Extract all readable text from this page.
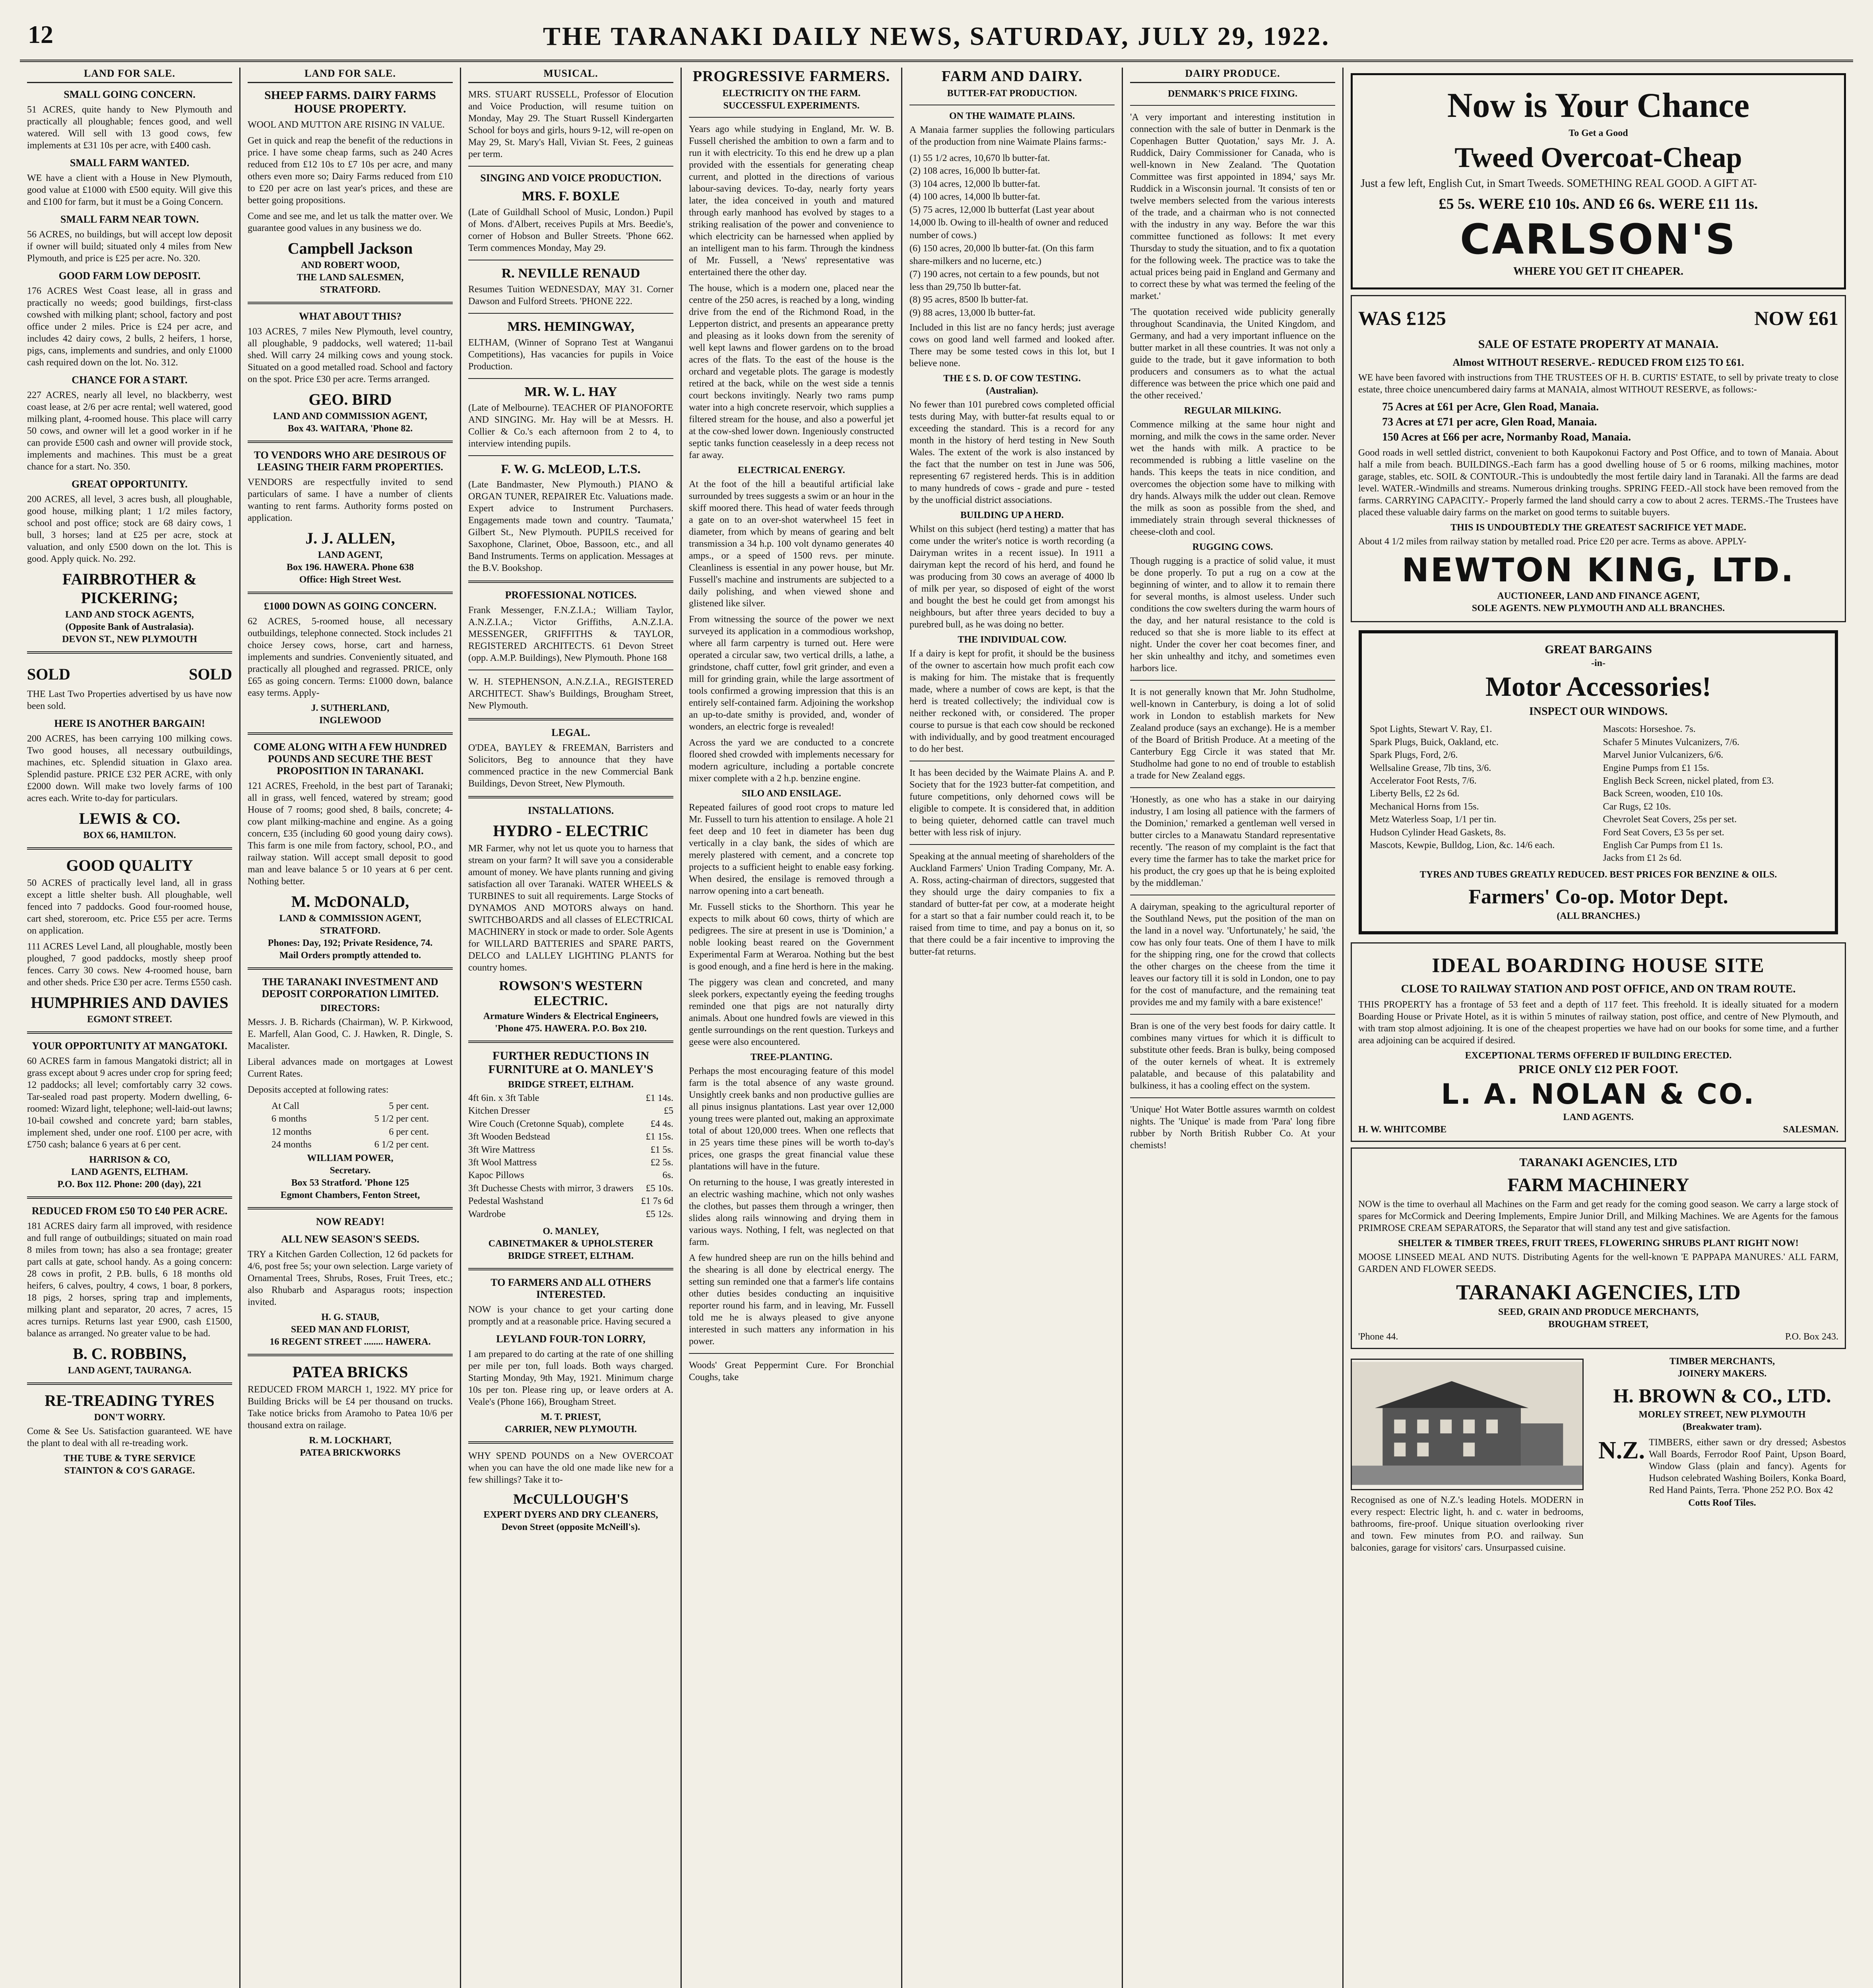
12	THE TARANAKI DAILY NEWS, SATURDAY, JULY 29, 1922.
LAND FOR SALE.
SMALL GOING CONCERN.

51 ACRES, quite handy to New Plymouth and practically all ploughable; fences good, and well watered. Will sell with 13 good cows, few implements at £31 10s per acre, with £400 cash.

SMALL FARM WANTED.

WE have a client with a House in New Plymouth, good value at £1000 with £500 equity. Will give this and £100 for farm, but it must be a Going Concern.

SMALL FARM NEAR TOWN.

56 ACRES, no buildings, but will accept low deposit if owner will build; situated only 4 miles from New Plymouth, and price is £25 per acre. No. 320.

GOOD FARM LOW DEPOSIT.

176 ACRES West Coast lease, all in grass and practically no weeds; good buildings, first-class cowshed with milking plant; school, factory and post office under 2 miles. Price is £24 per acre, and includes 42 dairy cows, 2 bulls, 2 heifers, 1 horse, pigs, cans, implements and sundries, and only £1000 cash required down on the lot. No. 312.

CHANCE FOR A START.

227 ACRES, nearly all level, no blackberry, west coast lease, at 2/6 per acre rental; well watered, good milking plant, 4-roomed house. This place will carry 50 cows, and owner will let a good worker in if he can provide £500 cash and owner will provide stock, implements and machines. This must be a great chance for a start. No. 350.

GREAT OPPORTUNITY.

200 ACRES, all level, 3 acres bush, all ploughable, good house, milking plant; 1 1/2 miles factory, school and post office; stock are 68 dairy cows, 1 bull, 3 horses; land at £25 per acre, stock at valuation, and only £500 down on the lot. This is good. Apply quick. No. 292.

FAIRBROTHER & PICKERING;
LAND AND STOCK AGENTS,
(Opposite Bank of Australasia).
DEVON ST., NEW PLYMOUTH
SOLD	SOLD

THE Last Two Properties advertised by us have now been sold.

HERE IS ANOTHER BARGAIN!

200 ACRES, has been carrying 100 milking cows. Two good houses, all necessary outbuildings, machines, etc. Splendid situation in Glaxo area. Splendid pasture. PRICE £32 PER ACRE, with only £2000 down. Will make two lovely farms of 100 acres each. Write to-day for particulars.

LEWIS & CO.
BOX 66, HAMILTON.
GOOD QUALITY

50 ACRES of practically level land, all in grass except a little shelter bush. All ploughable, well fenced into 7 paddocks. Good four-roomed house, cart shed, storeroom, etc. Price £55 per acre. Terms on application.

111 ACRES Level Land, all ploughable, mostly been ploughed, 7 good paddocks, mostly sheep proof fences. Carry 30 cows. New 4-roomed house, barn and other sheds. Price £30 per acre. Terms £550 cash.

HUMPHRIES AND DAVIES
EGMONT STREET.
YOUR OPPORTUNITY AT MANGATOKI.

60 ACRES farm in famous Mangatoki district; all in grass except about 9 acres under crop for spring feed; 12 paddocks; all level; comfortably carry 32 cows. Tar-sealed road past property. Modern dwelling, 6-roomed: Wizard light, telephone; well-laid-out lawns; 10-bail cowshed and concrete yard; barn stables, implement shed, under one roof. £100 per acre, with £750 cash; balance 6 years at 6 per cent.

HARRISON & CO,
LAND AGENTS, ELTHAM.
P.O. Box 112. Phone: 200 (day), 221
REDUCED FROM £50 TO £40 PER ACRE.

181 ACRES dairy farm all improved, with residence and full range of outbuildings; situated on main road 8 miles from town; has also a sea frontage; greater part calls at gate, school handy. As a going concern: 28 cows in profit, 2 P.B. bulls, 6 18 months old heifers, 6 calves, poultry, 4 cows, 1 boar, 8 porkers, 18 pigs, 2 horses, spring trap and implements, milking plant and separator, 20 acres, 7 acres, 15 acres turnips. Returns last year £900, cash £1500, balance as arranged. No greater value to be had.

B. C. ROBBINS,
LAND AGENT, TAURANGA.
RE-TREADING TYRES
DON'T WORRY.

Come & See Us. Satisfaction guaranteed. WE have the plant to deal with all re-treading work.

THE TUBE & TYRE SERVICE
STAINTON & CO'S GARAGE.
LAND FOR SALE.
SHEEP FARMS. DAIRY FARMS HOUSE PROPERTY.

WOOL AND MUTTON ARE RISING IN VALUE.

Get in quick and reap the benefit of the reductions in price. I have some cheap farms, such as 240 Acres reduced from £12 10s to £7 10s per acre, and many others even more so; Dairy Farms reduced from £10 to £20 per acre on last year's prices, and these are better going propositions.

Come and see me, and let us talk the matter over. We guarantee good values in any business we do.

Campbell Jackson
AND ROBERT WOOD,
THE LAND SALESMEN,
STRATFORD.
WHAT ABOUT THIS?

103 ACRES, 7 miles New Plymouth, level country, all ploughable, 9 paddocks, well watered; 11-bail shed. Will carry 24 milking cows and young stock. Situated on a good metalled road. School and factory on the spot. Price £30 per acre. Terms arranged.

GEO. BIRD
LAND AND COMMISSION AGENT,
Box 43. WAITARA, 'Phone 82.
TO VENDORS WHO ARE DESIROUS OF LEASING THEIR FARM PROPERTIES.

VENDORS are respectfully invited to send particulars of same. I have a number of clients wanting to rent farms. Authority forms posted on application.

J. J. ALLEN,
LAND AGENT,
Box 196. HAWERA. Phone 638
Office: High Street West.
£1000 DOWN AS GOING CONCERN.

62 ACRES, 5-roomed house, all necessary outbuildings, telephone connected. Stock includes 21 choice Jersey cows, horse, cart and harness, implements and sundries. Conveniently situated, and practically all ploughed and regrassed. PRICE, only £65 as going concern. Terms: £1000 down, balance easy terms. Apply-

J. SUTHERLAND,
INGLEWOOD
COME ALONG WITH A FEW HUNDRED POUNDS AND SECURE THE BEST PROPOSITION IN TARANAKI.

121 ACRES, Freehold, in the best part of Taranaki; all in grass, well fenced, watered by stream; good House of 7 rooms; good shed, 8 bails, concrete; 4-cow plant milking-machine and engine. As a going concern, £35 (including 60 good young dairy cows). This farm is one mile from factory, school, P.O., and railway station. Will accept small deposit to good man and leave balance 5 or 10 years at 6 per cent. Nothing better.

M. McDONALD,
LAND & COMMISSION AGENT,
STRATFORD.
Phones: Day, 192; Private Residence, 74.
Mail Orders promptly attended to.
THE TARANAKI INVESTMENT AND DEPOSIT CORPORATION LIMITED.
DIRECTORS:

Messrs. J. B. Richards (Chairman), W. P. Kirkwood, E. Marfell, Alan Good, C. J. Hawken, R. Dingle, S. Macalister.

Liberal advances made on mortgages at Lowest Current Rates.

Deposits accepted at following rates:

At Call	5 per cent.
6 months	5 1/2 per cent.
12 months	6 per cent.
24 months	6 1/2 per cent.
WILLIAM POWER,
Secretary.
Box 53 Stratford. 'Phone 125
Egmont Chambers, Fenton Street,
NOW READY!
ALL NEW SEASON'S SEEDS.

TRY a Kitchen Garden Collection, 12 6d packets for 4/6, post free 5s; your own selection. Large variety of Ornamental Trees, Shrubs, Roses, Fruit Trees, etc.; also Rhubarb and Asparagus roots; inspection invited.

H. G. STAUB,
SEED MAN AND FLORIST,
16 REGENT STREET ........ HAWERA.
PATEA BRICKS

REDUCED FROM MARCH 1, 1922. MY price for Building Bricks will be £4 per thousand on trucks. Take notice bricks from Aramoho to Patea 10/6 per thousand extra on railage.

R. M. LOCKHART,
PATEA BRICKWORKS
MUSICAL.

MRS. STUART RUSSELL, Professor of Elocution and Voice Production, will resume tuition on Monday, May 29. The Stuart Russell Kindergarten School for boys and girls, hours 9-12, will re-open on May 29, St. Mary's Hall, Vivian St. Fees, 2 guineas per term.

SINGING AND VOICE PRODUCTION.
MRS. F. BOXLE

(Late of Guildhall School of Music, London.) Pupil of Mons. d'Albert, receives Pupils at Mrs. Beedie's, corner of Hobson and Buller Streets. 'Phone 662. Term commences Monday, May 29.

R. NEVILLE RENAUD

Resumes Tuition WEDNESDAY, MAY 31. Corner Dawson and Fulford Streets. 'PHONE 222.

MRS. HEMINGWAY,

ELTHAM, (Winner of Soprano Test at Wanganui Competitions), Has vacancies for pupils in Voice Production.

MR. W. L. HAY

(Late of Melbourne). TEACHER OF PIANOFORTE AND SINGING. Mr. Hay will be at Messrs. H. Collier & Co.'s each afternoon from 2 to 4, to interview intending pupils.

F. W. G. McLEOD, L.T.S.

(Late Bandmaster, New Plymouth.) PIANO & ORGAN TUNER, REPAIRER Etc. Valuations made. Expert advice to Instrument Purchasers. Engagements made town and country. 'Taumata,' Gilbert St., New Plymouth. PUPILS received for Saxophone, Clarinet, Oboe, Bassoon, etc., and all Band Instruments. Terms on application. Messages at the B.V. Bookshop.

PROFESSIONAL NOTICES.

Frank Messenger, F.N.Z.I.A.; William Taylor, A.N.Z.I.A.; Victor Griffiths, A.N.Z.I.A. MESSENGER, GRIFFITHS & TAYLOR, REGISTERED ARCHITECTS. 61 Devon Street (opp. A.M.P. Buildings), New Plymouth. Phone 168

W. H. STEPHENSON, A.N.Z.I.A., REGISTERED ARCHITECT. Shaw's Buildings, Brougham Street, New Plymouth.

LEGAL.

O'DEA, BAYLEY & FREEMAN, Barristers and Solicitors, Beg to announce that they have commenced practice in the new Commercial Bank Buildings, Devon Street, New Plymouth.

INSTALLATIONS.
HYDRO - ELECTRIC

MR Farmer, why not let us quote you to harness that stream on your farm? It will save you a considerable amount of money. We have plants running and giving satisfaction all over Taranaki. WATER WHEELS & TURBINES to suit all requirements. Large Stocks of DYNAMOS AND MOTORS always on hand. SWITCHBOARDS and all classes of ELECTRICAL MACHINERY in stock or made to order. Sole Agents for WILLARD BATTERIES and SPARE PARTS, DELCO and LALLEY LIGHTING PLANTS for country homes.

ROWSON'S WESTERN ELECTRIC.
Armature Winders & Electrical Engineers,
'Phone 475. HAWERA. P.O. Box 210.
FURTHER REDUCTIONS IN FURNITURE at O. MANLEY'S
BRIDGE STREET, ELTHAM.
4ft 6in. x 3ft Table	£1 14s.
Kitchen Dresser	£5
Wire Couch (Cretonne Squab), complete	£4 4s.
3ft Wooden Bedstead	£1 15s.
3ft Wire Mattress	£1 5s.
3ft Wool Mattress	£2 5s.
Kapoc Pillows	6s.
3ft Duchesse Chests with mirror, 3 drawers £5 10s.
Pedestal Washstand	£1 7s 6d
Wardrobe	£5 12s.
O. MANLEY,
CABINETMAKER & UPHOLSTERER
BRIDGE STREET, ELTHAM.
TO FARMERS AND ALL OTHERS INTERESTED.

NOW is your chance to get your carting done promptly and at a reasonable price. Having secured a

LEYLAND FOUR-TON LORRY,

I am prepared to do carting at the rate of one shilling per mile per ton, full loads. Both ways charged. Starting Monday, 9th May, 1921. Minimum charge 10s per ton. Please ring up, or leave orders at A. Veale's (Phone 166), Brougham Street.

M. T. PRIEST,
CARRIER, NEW PLYMOUTH.

WHY SPEND POUNDS on a New OVERCOAT when you can have the old one made like new for a few shillings? Take it to-

McCULLOUGH'S
EXPERT DYERS AND DRY CLEANERS,
Devon Street (opposite McNeill's).
PROGRESSIVE FARMERS.
ELECTRICITY ON THE FARM.
SUCCESSFUL EXPERIMENTS.

Years ago while studying in England, Mr. W. B. Fussell cherished the ambition to own a farm and to run it with electricity. To this end he drew up a plan provided with the essentials for generating cheap current, and plotted in the directions of various labour-saving devices. To-day, nearly forty years later, the idea conceived in youth and matured through early manhood has evolved by stages to a striking realisation of the power and convenience to which electricity can be harnessed when applied by an intelligent man to his farm. Through the kindness of Mr. Fussell, a 'News' representative was entertained there the other day.

The house, which is a modern one, placed near the centre of the 250 acres, is reached by a long, winding drive from the end of the Richmond Road, in the Lepperton district, and presents an appearance pretty and pleasing as it looks down from the serenity of well kept lawns and flower gardens on to the broad acres of the flats. To the east of the house is the orchard and vegetable plots. The garage is modestly retired at the back, while on the west side a tennis court beckons invitingly. Nearly two rams pump water into a high concrete reservoir, which supplies a filtered stream for the house, and also a powerful jet at the cow-shed lower down. Ingeniously constructed septic tanks function ceaselessly in a deep recess not far away.

ELECTRICAL ENERGY.

At the foot of the hill a beautiful artificial lake surrounded by trees suggests a swim or an hour in the skiff moored there. This head of water feeds through a gate on to an over-shot waterwheel 15 feet in diameter, from which by means of gearing and belt transmission a 34 h.p. 100 volt dynamo generates 40 amps., or a speed of 1500 revs. per minute. Cleanliness is essential in any power house, but Mr. Fussell's machine and instruments are subjected to a daily polishing, and when viewed shone and glistened like silver.

From witnessing the source of the power we next surveyed its application in a commodious workshop, where all farm carpentry is turned out. Here were operated a circular saw, two vertical drills, a lathe, a grindstone, chaff cutter, fowl grit grinder, and even a mill for grinding grain, while the large assortment of tools confirmed a growing impression that this is an entirely self-contained farm. Adjoining the workshop an up-to-date smithy is provided, and, wonder of wonders, an electric forge is revealed!

Across the yard we are conducted to a concrete floored shed crowded with implements necessary for modern agriculture, including a portable concrete mixer complete with a 2 h.p. benzine engine.

SILO AND ENSILAGE.

Repeated failures of good root crops to mature led Mr. Fussell to turn his attention to ensilage. A hole 21 feet deep and 10 feet in diameter has been dug vertically in a clay bank, the sides of which are merely plastered with cement, and a concrete top projects to a sufficient height to enable easy forking. When desired, the ensilage is removed through a narrow opening into a cart beneath.

Mr. Fussell sticks to the Shorthorn. This year he expects to milk about 60 cows, thirty of which are pedigrees. The sire at present in use is 'Dominion,' a noble looking beast reared on the Government Experimental Farm at Weraroa. Nothing but the best is good enough, and a fine herd is here in the making.

The piggery was clean and concreted, and many sleek porkers, expectantly eyeing the feeding troughs reminded one that pigs are not naturally dirty animals. About one hundred fowls are viewed in this gentle surroundings on the rent question. Turkeys and geese were also encountered.

TREE-PLANTING.

Perhaps the most encouraging feature of this model farm is the total absence of any waste ground. Unsightly creek banks and non productive gullies are all pinus insignus plantations. Last year over 12,000 young trees were planted out, making an approximate total of about 120,000 trees. When one reflects that in 25 years time these pines will be worth to-day's prices, one grasps the great financial value these plantations will have in the future.

On returning to the house, I was greatly interested in an electric washing machine, which not only washes the clothes, but passes them through a wringer, then slides along rails winnowing and drying them in various ways. Nothing, I felt, was neglected on that farm.

A few hundred sheep are run on the hills behind and the shearing is all done by electrical energy. The setting sun reminded one that a farmer's life contains other duties besides conducting an inquisitive reporter round his farm, and in leaving, Mr. Fussell told me he is always pleased to give anyone interested in such matters any information in his power.

Woods' Great Peppermint Cure. For Bronchial Coughs, take

FARM AND DAIRY.
BUTTER-FAT PRODUCTION.
ON THE WAIMATE PLAINS.

A Manaia farmer supplies the following particulars of the production from nine Waimate Plains farms:-

(1) 55 1/2 acres, 10,670 lb butter-fat.
(2) 108 acres, 16,000 lb butter-fat.
(3) 104 acres, 12,000 lb butter-fat.
(4) 100 acres, 14,000 lb butter-fat.
(5) 75 acres, 12,000 lb butterfat (Last year about 14,000 lb. Owing to ill-health of owner and reduced number of cows.)
(6) 150 acres, 20,000 lb butter-fat. (On this farm share-milkers and no lucerne, etc.)
(7) 190 acres, not certain to a few pounds, but not less than 29,750 lb butter-fat.
(8) 95 acres, 8500 lb butter-fat.
(9) 88 acres, 13,000 lb butter-fat.

Included in this list are no fancy herds; just average cows on good land well farmed and looked after. There may be some tested cows in this lot, but I believe none.

THE £ S. D. OF COW TESTING.
(Australian).

No fewer than 101 purebred cows completed official tests during May, with butter-fat results equal to or exceeding the standard. This is a record for any month in the history of herd testing in New South Wales. The extent of the work is also instanced by the fact that the number on test in June was 506, representing 67 registered herds. This is in addition to many hundreds of cows - grade and pure - tested by the unofficial district associations.

BUILDING UP A HERD.

Whilst on this subject (herd testing) a matter that has come under the writer's notice is worth recording (a Dairyman writes in a recent issue). In 1911 a dairyman kept the record of his herd, and found he was producing from 30 cows an average of 4000 lb of milk per year, so disposed of eight of the worst and bought the best he could get from amongst his neighbours, but after three years decided to buy a purebred bull, as he was doing no better.

THE INDIVIDUAL COW.

If a dairy is kept for profit, it should be the business of the owner to ascertain how much profit each cow is making for him. The mistake that is frequently made, where a number of cows are kept, is that the herd is treated collectively; the individual cow is neither reckoned with, or considered. The proper course to pursue is that each cow should be reckoned with individually, and by good treatment encouraged to do her best.

It has been decided by the Waimate Plains A. and P. Society that for the 1923 butter-fat competition, and future competitions, only dehorned cows will be eligible to compete. It is considered that, in addition to being quieter, dehorned cattle can travel much better with less risk of injury.

Speaking at the annual meeting of shareholders of the Auckland Farmers' Union Trading Company, Mr. A. A. Ross, acting-chairman of directors, suggested that they should urge the dairy companies to fix a standard of butter-fat per cow, at a moderate height for a start so that a fair number could reach it, to be raised from time to time, and pay a bonus on it, so that there could be a fair incentive to improving the butter-fat returns.

DAIRY PRODUCE.
DENMARK'S PRICE FIXING.

'A very important and interesting institution in connection with the sale of butter in Denmark is the Copenhagen Butter Quotation,' says Mr. J. A. Ruddick, Dairy Commissioner for Canada, who is well-known in New Zealand. 'The Quotation Committee was first appointed in 1894,' says Mr. Ruddick in a Wisconsin journal. 'It consists of ten or twelve members selected from the various interests of the trade, and a chairman who is not connected with the industry in any way. Before the war this committee functioned as follows: It met every Thursday to study the situation, and to fix a quotation for the following week. The practice was to take the actual prices being paid in England and Germany and to correct these by what was termed the feeling of the market.'

'The quotation received wide publicity generally throughout Scandinavia, the United Kingdom, and Germany, and had a very important influence on the butter market in all these countries. It was not only a guide to the trade, but it gave information to both producers and consumers as to what the actual difference was between the price which one paid and the other received.'

REGULAR MILKING.

Commence milking at the same hour night and morning, and milk the cows in the same order. Never wet the hands with milk. A practice to be recommended is rubbing a little vaseline on the hands. This keeps the teats in nice condition, and overcomes the objection some have to milking with dry hands. Always milk the udder out clean. Remove the milk as soon as possible from the shed, and immediately strain through several thicknesses of cheese-cloth and cool.

RUGGING COWS.

Though rugging is a practice of solid value, it must be done properly. To put a rug on a cow at the beginning of winter, and to allow it to remain there for several months, is almost useless. Under such conditions the cow swelters during the warm hours of the day, and her natural resistance to the cold is reduced so that she is more liable to its effect at night. Under the cover her coat becomes finer, and her skin unhealthy and itchy, and sometimes even harbors lice.

It is not generally known that Mr. John Studholme, well-known in Canterbury, is doing a lot of solid work in London to establish markets for New Zealand produce (says an exchange). He is a member of the Board of British Produce. At a meeting of the Canterbury Egg Circle it was stated that Mr. Studholme had gone to no end of trouble to establish a trade for New Zealand eggs.

'Honestly, as one who has a stake in our dairying industry, I am losing all patience with the farmers of the Dominion,' remarked a gentleman well versed in butter circles to a Manawatu Standard representative recently. 'The reason of my complaint is the fact that every time the farmer has to take the market price for his product, the cry goes up that he is being exploited by the middleman.'

A dairyman, speaking to the agricultural reporter of the Southland News, put the position of the man on the land in a novel way. 'Unfortunately,' he said, 'the cow has only four teats. One of them I have to milk for the shipping ring, one for the crowd that collects the other charges on the cheese from the time it leaves our factory till it is sold in London, one to pay for the cost of manufacture, and the remaining teat provides me and my family with a bare existence!'

Bran is one of the very best foods for dairy cattle. It combines many virtues for which it is difficult to substitute other feeds. Bran is bulky, being composed of the outer kernels of wheat. It is extremely palatable, and because of this palatability and bulkiness, it has a cooling effect on the system.

'Unique' Hot Water Bottle assures warmth on coldest nights. The 'Unique' is made from 'Para' long fibre rubber by North British Rubber Co. At your chemists!

Now is Your Chance
To Get a Good
Tweed Overcoat-Cheap

Just a few left, English Cut, in Smart Tweeds. SOMETHING REAL GOOD. A GIFT AT-

£5 5s. WERE £10 10s. AND £6 6s. WERE £11 11s.
CARLSON'S
WHERE YOU GET IT CHEAPER.
WAS £125	NOW £61
SALE OF ESTATE PROPERTY AT MANAIA.
Almost WITHOUT RESERVE.- REDUCED FROM £125 TO £61.

WE have been favored with instructions from THE TRUSTEES OF H. B. CURTIS' ESTATE, to sell by private treaty to close estate, three choice unencumbered dairy farms at MANAIA, almost WITHOUT RESERVE, as follows:-

75 Acres at £61 per Acre, Glen Road, Manaia.
73 Acres at £71 per acre, Glen Road, Manaia.
150 Acres at £66 per acre, Normanby Road, Manaia.

Good roads in well settled district, convenient to both Kaupokonui Factory and Post Office, and to town of Manaia. About half a mile from beach. BUILDINGS.-Each farm has a good dwelling house of 5 or 6 rooms, milking machines, motor garage, stables, etc. SOIL & CONTOUR.-This is undoubtedly the most fertile dairy land in Taranaki. All the farms are dead level. WATER.-Windmills and streams. Numerous drinking troughs. SPRING FEED.-All stock have been removed from the farms. CARRYING CAPACITY.- Properly farmed the land should carry a cow to about 2 acres. TERMS.-The Trustees have placed these valuable dairy farms on the market on good terms to suitable buyers.

THIS IS UNDOUBTEDLY THE GREATEST SACRIFICE YET MADE.

About 4 1/2 miles from railway station by metalled road. Price £20 per acre. Terms as above. APPLY-

NEWTON KING, LTD.
AUCTIONEER, LAND AND FINANCE AGENT,
SOLE AGENTS. NEW PLYMOUTH AND ALL BRANCHES.
GREAT BARGAINS
-in-
Motor Accessories!
INSPECT OUR WINDOWS.
Spot Lights, Stewart V. Ray, £1.
Spark Plugs, Buick, Oakland, etc.
Spark Plugs, Ford, 2/6.
Wellsaline Grease, 7lb tins, 3/6.
Accelerator Foot Rests, 7/6.
Liberty Bells, £2 2s 6d.
Mechanical Horns from 15s.
Metz Waterless Soap, 1/1 per tin.
Hudson Cylinder Head Gaskets, 8s.
Mascots, Kewpie, Bulldog, Lion, &c. 14/6 each.
Mascots: Horseshoe. 7s.
Schafer 5 Minutes Vulcanizers, 7/6.
Marvel Junior Vulcanizers, 6/6.
Engine Pumps from £1 15s.
English Beck Screen, nickel plated, from £3.
Back Screen, wooden, £10 10s.
Car Rugs, £2 10s.
Chevrolet Seat Covers, 25s per set.
Ford Seat Covers, £3 5s per set.
English Car Pumps from £1 1s.
Jacks from £1 2s 6d.
TYRES AND TUBES GREATLY REDUCED. BEST PRICES FOR BENZINE & OILS.
Farmers' Co-op. Motor Dept.
(ALL BRANCHES.)
IDEAL BOARDING HOUSE SITE
CLOSE TO RAILWAY STATION AND POST OFFICE, AND ON TRAM ROUTE.

THIS PROPERTY has a frontage of 53 feet and a depth of 117 feet. This freehold. It is ideally situated for a modern Boarding House or Private Hotel, as it is within 5 minutes of railway station, post office, and centre of New Plymouth, and with tram stop almost adjoining. It is one of the cheapest properties we have had on our books for some time, and a further area adjoining can be acquired if desired.

EXCEPTIONAL TERMS OFFERED IF BUILDING ERECTED.
PRICE ONLY £12 PER FOOT.
L. A. NOLAN & CO.
LAND AGENTS.
H. W. WHITCOMBE	SALESMAN.
TARANAKI AGENCIES, LTD
FARM MACHINERY

NOW is the time to overhaul all Machines on the Farm and get ready for the coming good season. We carry a large stock of spares for McCormick and Deering Implements, Empire Junior Drill, and Milking Machines. We are Agents for the famous PRIMROSE CREAM SEPARATORS, the Separator that will stand any test and give satisfaction.

SHELTER & TIMBER TREES, FRUIT TREES, FLOWERING SHRUBS PLANT RIGHT NOW!

MOOSE LINSEED MEAL AND NUTS. Distributing Agents for the well-known 'E PAPPAPA MANURES.' ALL FARM, GARDEN AND FLOWER SEEDS.

TARANAKI AGENCIES, LTD
SEED, GRAIN AND PRODUCE MERCHANTS,
BROUGHAM STREET,
'Phone 44.	P.O. Box 243.

Recognised as one of N.Z.'s leading Hotels. MODERN in every respect: Electric light, h. and c. water in bedrooms, bathrooms, fire-proof. Unique situation overlooking river and town. Few minutes from P.O. and railway. Sun balconies, garage for visitors' cars. Unsurpassed cuisine.

TIMBER MERCHANTS,
JOINERY MAKERS.
H. BROWN & CO., LTD.
MORLEY STREET, NEW PLYMOUTH
(Breakwater tram).
N.Z. TIMBERS, either sawn or dry dressed; Asbestos Wall Boards, Ferrodor Roof Paint, Upson Board, Window Glass (plain and fancy). Agents for Hudson celebrated Washing Boilers, Konka Board, Red Hand Paints, Terra. 'Phone 252 P.O. Box 42

Cotts Roof Tiles.
